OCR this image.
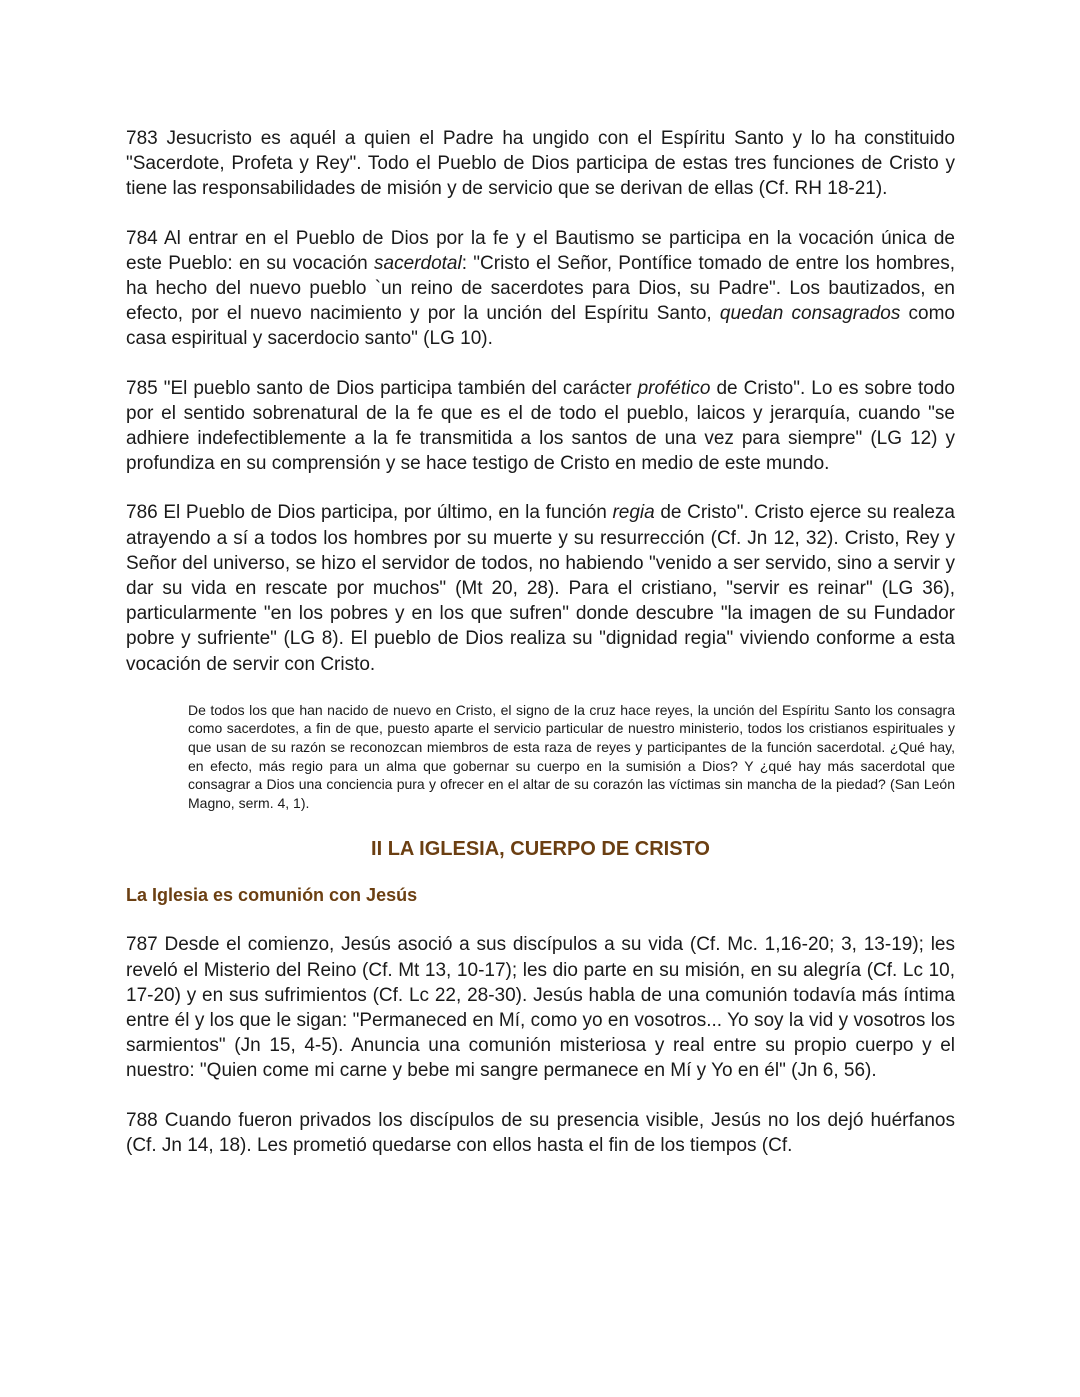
783 Jesucristo es aquél a quien el Padre ha ungido con el Espíritu Santo y lo ha constituido "Sacerdote, Profeta y Rey". Todo el Pueblo de Dios participa de estas tres funciones de Cristo y tiene las responsabilidades de misión y de servicio que se derivan de ellas (Cf. RH 18-21).

784 Al entrar en el Pueblo de Dios por la fe y el Bautismo se participa en la vocación única de este Pueblo: en su vocación sacerdotal: "Cristo el Señor, Pontífice tomado de entre los hombres, ha hecho del nuevo pueblo `un reino de sacerdotes para Dios, su Padre". Los bautizados, en efecto, por el nuevo nacimiento y por la unción del Espíritu Santo, quedan consagrados como casa espiritual y sacerdocio santo" (LG 10).

785 "El pueblo santo de Dios participa también del carácter profético de Cristo". Lo es sobre todo por el sentido sobrenatural de la fe que es el de todo el pueblo, laicos y jerarquía, cuando "se adhiere indefectiblemente a la fe transmitida a los santos de una vez para siempre" (LG 12) y profundiza en su comprensión y se hace testigo de Cristo en medio de este mundo.

786 El Pueblo de Dios participa, por último, en la función regia de Cristo". Cristo ejerce su realeza atrayendo a sí a todos los hombres por su muerte y su resurrección (Cf. Jn 12, 32). Cristo, Rey y Señor del universo, se hizo el servidor de todos, no habiendo "venido a ser servido, sino a servir y dar su vida en rescate por muchos" (Mt 20, 28). Para el cristiano, "servir es reinar" (LG 36), particularmente "en los pobres y en los que sufren" donde descubre "la imagen de su Fundador pobre y sufriente" (LG 8). El pueblo de Dios realiza su "dignidad regia" viviendo conforme a esta vocación de servir con Cristo.

De todos los que han nacido de nuevo en Cristo, el signo de la cruz hace reyes, la unción del Espíritu Santo los consagra como sacerdotes, a fin de que, puesto aparte el servicio particular de nuestro ministerio, todos los cristianos espirituales y que usan de su razón se reconozcan miembros de esta raza de reyes y participantes de la función sacerdotal. ¿Qué hay, en efecto, más regio para un alma que gobernar su cuerpo en la sumisión a Dios? Y ¿qué hay más sacerdotal que consagrar a Dios una conciencia pura y ofrecer en el altar de su corazón las víctimas sin mancha de la piedad? (San León Magno, serm. 4, 1).

II LA IGLESIA, CUERPO DE CRISTO
La Iglesia es comunión con Jesús

787 Desde el comienzo, Jesús asoció a sus discípulos a su vida (Cf. Mc. 1,16-20; 3, 13-19); les reveló el Misterio del Reino (Cf. Mt 13, 10-17); les dio parte en su misión, en su alegría (Cf. Lc 10, 17-20) y en sus sufrimientos (Cf. Lc 22, 28-30). Jesús habla de una comunión todavía más íntima entre él y los que le sigan: "Permaneced en Mí, como yo en vosotros... Yo soy la vid y vosotros los sarmientos" (Jn 15, 4-5). Anuncia una comunión misteriosa y real entre su propio cuerpo y el nuestro: "Quien come mi carne y bebe mi sangre permanece en Mí y Yo en él" (Jn 6, 56).

788 Cuando fueron privados los discípulos de su presencia visible, Jesús no los dejó huérfanos (Cf. Jn 14, 18). Les prometió quedarse con ellos hasta el fin de los tiempos (Cf.
